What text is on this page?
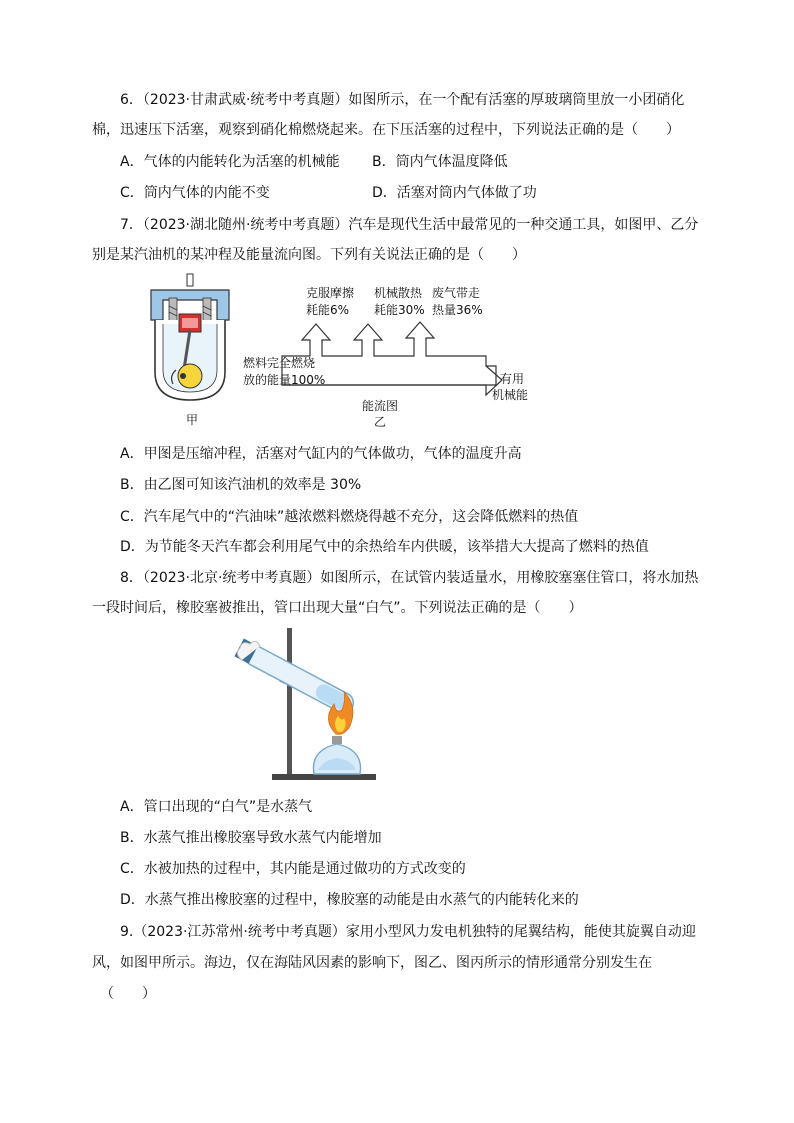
6．（2023·甘肃武威·统考中考真题）如图所示，在一个配有活塞的厚玻璃筒里放一小团硝化
棉，迅速压下活塞，观察到硝化棉燃烧起来。在下压活塞的过程中，下列说法正确的是（　　）
A．气体的内能转化为活塞的机械能 B．筒内气体温度降低
C．筒内气体的内能不变	D．活塞对筒内气体做了功
7．（2023·湖北随州·统考中考真题）汽车是现代生活中最常见的一种交通工具，如图甲、乙分
别是某汽油机的某冲程及能量流向图。下列有关说法正确的是（　　）
甲
克服摩擦
耗能6%
机械散热
耗能30%
废气带走
热量36%
燃料完全燃烧
放的能量100%	有用
机械能
能流图
乙
A．甲图是压缩冲程，活塞对气缸内的气体做功，气体的温度升高
B．由乙图可知该汽油机的效率是 30%
C．汽车尾气中的“汽油味”越浓燃料燃烧得越不充分，这会降低燃料的热值
D．为节能冬天汽车都会利用尾气中的余热给车内供暖，该举措大大提高了燃料的热值
8．（2023·北京·统考中考真题）如图所示，在试管内装适量水，用橡胶塞塞住管口，将水加热
一段时间后，橡胶塞被推出，管口出现大量“白气”。下列说法正确的是（　　）
A．管口出现的“白气”是水蒸气
B．水蒸气推出橡胶塞导致水蒸气内能增加
C．水被加热的过程中，其内能是通过做功的方式改变的
D．水蒸气推出橡胶塞的过程中，橡胶塞的动能是由水蒸气的内能转化来的
9.（2023·江苏常州·统考中考真题）家用小型风力发电机独特的尾翼结构，能使其旋翼自动迎
风，如图甲所示。海边，仅在海陆风因素的影响下，图乙、图丙所示的情形通常分别发生在
（　　）
